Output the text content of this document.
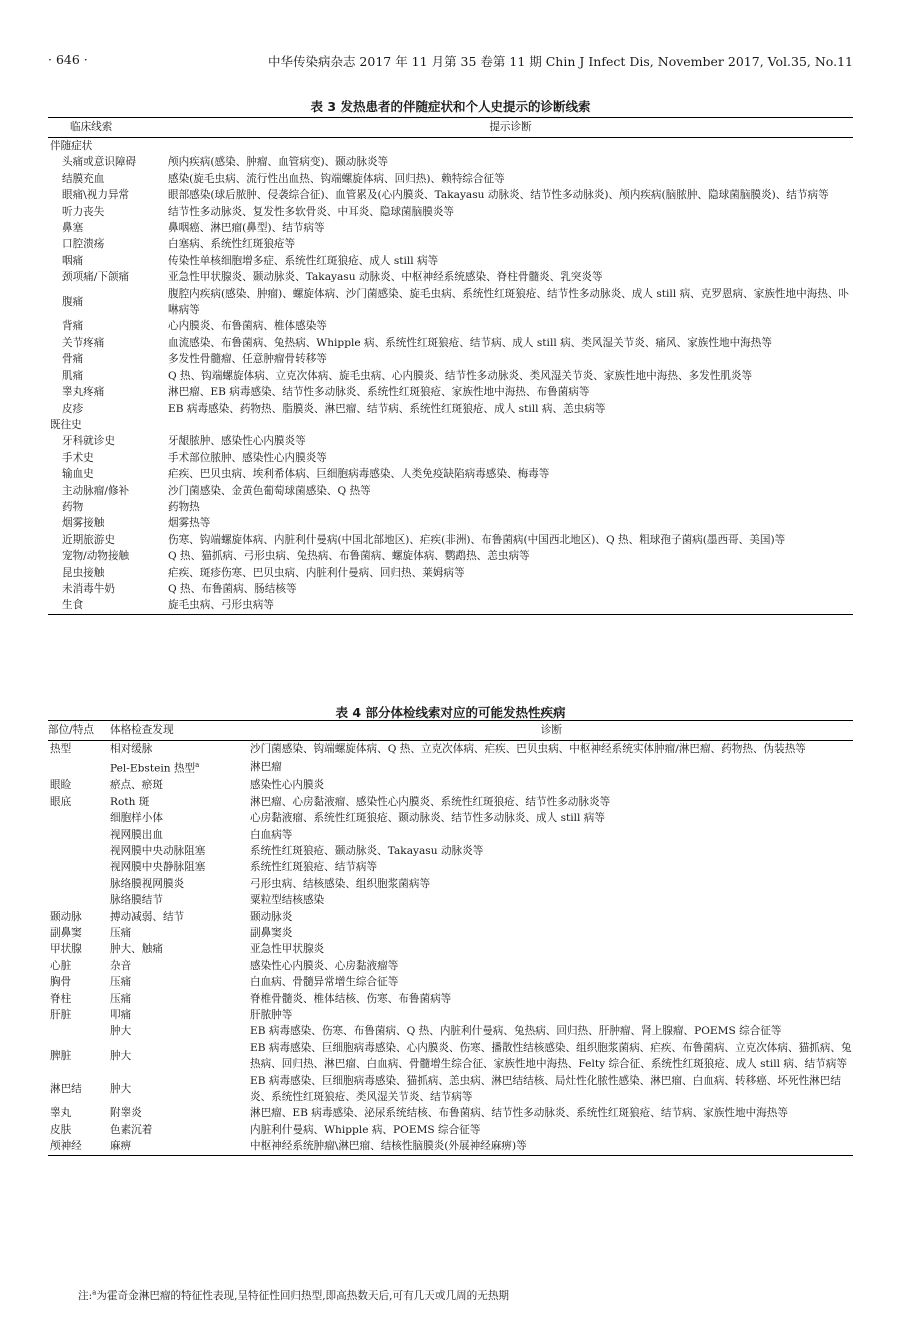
· 646 ·	中华传染病杂志 2017 年 11 月第 35 卷第 11 期 Chin J Infect Dis, November 2017, Vol.35, No.11
表 3 发热患者的伴随症状和个人史提示的诊断线索
临床线索	提示诊断
伴随症状	
头痛或意识障碍	颅内疾病(感染、肿瘤、血管病变)、颞动脉炎等
结膜充血	感染(旋毛虫病、流行性出血热、钩端螺旋体病、回归热)、赖特综合征等
眼痛\视力异常	眼部感染(球后脓肿、侵袭综合征)、血管累及(心内膜炎、Takayasu 动脉炎、结节性多动脉炎)、颅内疾病(脑脓肿、隐球菌脑膜炎)、结节病等
听力丧失	结节性多动脉炎、复发性多软骨炎、中耳炎、隐球菌脑膜炎等
鼻塞	鼻咽癌、淋巴瘤(鼻型)、结节病等
口腔溃疡	白塞病、系统性红斑狼疮等
咽痛	传染性单核细胞增多症、系统性红斑狼疮、成人 still 病等
颈项痛/下颌痛	亚急性甲状腺炎、颞动脉炎、Takayasu 动脉炎、中枢神经系统感染、脊柱骨髓炎、乳突炎等
腹痛	腹腔内疾病(感染、肿瘤)、螺旋体病、沙门菌感染、旋毛虫病、系统性红斑狼疮、结节性多动脉炎、成人 still 病、克罗恩病、家族性地中海热、卟啉病等
背痛	心内膜炎、布鲁菌病、椎体感染等
关节疼痛	血流感染、布鲁菌病、兔热病、Whipple 病、系统性红斑狼疮、结节病、成人 still 病、类风湿关节炎、痛风、家族性地中海热等
骨痛	多发性骨髓瘤、任意肿瘤骨转移等
肌痛	Q 热、钩端螺旋体病、立克次体病、旋毛虫病、心内膜炎、结节性多动脉炎、类风湿关节炎、家族性地中海热、多发性肌炎等
睾丸疼痛	淋巴瘤、EB 病毒感染、结节性多动脉炎、系统性红斑狼疮、家族性地中海热、布鲁菌病等
皮疹	EB 病毒感染、药物热、脂膜炎、淋巴瘤、结节病、系统性红斑狼疮、成人 still 病、恙虫病等
既往史	
牙科就诊史	牙龈脓肿、感染性心内膜炎等
手术史	手术部位脓肿、感染性心内膜炎等
输血史	疟疾、巴贝虫病、埃利希体病、巨细胞病毒感染、人类免疫缺陷病毒感染、梅毒等
主动脉瘤/修补	沙门菌感染、金黄色葡萄球菌感染、Q 热等
药物	药物热
烟雾接触	烟雾热等
近期旅游史	伤寒、钩端螺旋体病、内脏利什曼病(中国北部地区)、疟疾(非洲)、布鲁菌病(中国西北地区)、Q 热、粗球孢子菌病(墨西哥、美国)等
宠物/动物接触	Q 热、猫抓病、弓形虫病、兔热病、布鲁菌病、螺旋体病、鹦鹉热、恙虫病等
昆虫接触	疟疾、斑疹伤寒、巴贝虫病、内脏利什曼病、回归热、莱姆病等
未消毒牛奶	Q 热、布鲁菌病、肠结核等
生食	旋毛虫病、弓形虫病等
表 4 部分体检线索对应的可能发热性疾病
部位/特点	体格检查发现	诊断
热型	相对缓脉	沙门菌感染、钩端螺旋体病、Q 热、立克次体病、疟疾、巴贝虫病、中枢神经系统实体肿瘤/淋巴瘤、药物热、伪装热等
	Pel-Ebstein 热型$^a$	淋巴瘤
眼睑	瘀点、瘀斑	感染性心内膜炎
眼底	Roth 斑	淋巴瘤、心房黏液瘤、感染性心内膜炎、系统性红斑狼疮、结节性多动脉炎等
	细胞样小体	心房黏液瘤、系统性红斑狼疮、颞动脉炎、结节性多动脉炎、成人 still 病等
	视网膜出血	白血病等
	视网膜中央动脉阻塞	系统性红斑狼疮、颞动脉炎、Takayasu 动脉炎等
	视网膜中央静脉阻塞	系统性红斑狼疮、结节病等
	脉络膜视网膜炎	弓形虫病、结核感染、组织胞浆菌病等
	脉络膜结节	粟粒型结核感染
颞动脉	搏动减弱、结节	颞动脉炎
副鼻窦	压痛	副鼻窦炎
甲状腺	肿大、触痛	亚急性甲状腺炎
心脏	杂音	感染性心内膜炎、心房黏液瘤等
胸骨	压痛	白血病、骨髓异常增生综合征等
脊柱	压痛	脊椎骨髓炎、椎体结核、伤寒、布鲁菌病等
肝脏	叩痛	肝脓肿等
	肿大	EB 病毒感染、伤寒、布鲁菌病、Q 热、内脏利什曼病、兔热病、回归热、肝肿瘤、肾上腺瘤、POEMS 综合征等
脾脏	肿大	EB 病毒感染、巨细胞病毒感染、心内膜炎、伤寒、播散性结核感染、组织胞浆菌病、疟疾、布鲁菌病、立克次体病、猫抓病、兔热病、回归热、淋巴瘤、白血病、骨髓增生综合征、家族性地中海热、Felty 综合征、系统性红斑狼疮、成人 still 病、结节病等
淋巴结	肿大	EB 病毒感染、巨细胞病毒感染、猫抓病、恙虫病、淋巴结结核、局灶性化脓性感染、淋巴瘤、白血病、转移癌、坏死性淋巴结炎、系统性红斑狼疮、类风湿关节炎、结节病等
睾丸	附睾炎	淋巴瘤、EB 病毒感染、泌尿系统结核、布鲁菌病、结节性多动脉炎、系统性红斑狼疮、结节病、家族性地中海热等
皮肤	色素沉着	内脏利什曼病、Whipple 病、POEMS 综合征等
颅神经	麻痹	中枢神经系统肿瘤\淋巴瘤、结核性脑膜炎(外展神经麻痹)等
注:$^a$为霍奇金淋巴瘤的特征性表现,呈特征性回归热型,即高热数天后,可有几天或几周的无热期
